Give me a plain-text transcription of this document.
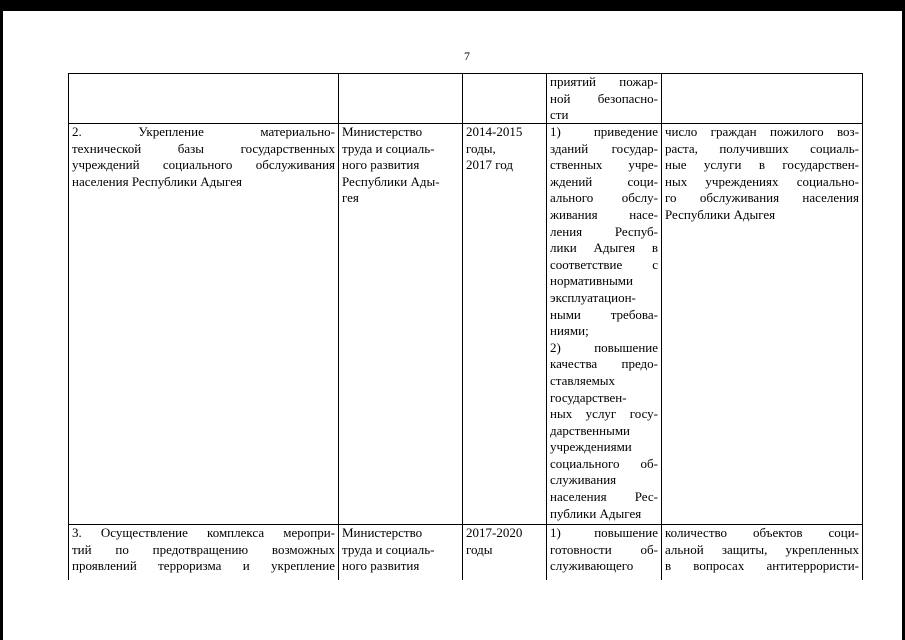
7
приятий пожар-
ной безопасно-
сти
2. Укрепление материально-
технической базы государственных
учреждений социального обслуживания
населения Республики Адыгея
Министерство
труда и социаль-
ного развития
Республики Ады-
гея
2014-2015
годы,
2017 год
1) приведение
зданий государ-
ственных учре-
ждений соци-
ального обслу-
живания насе-
ления Респуб-
лики Адыгея в
соответствие с
нормативными
эксплуатацион-
ными требова-
ниями;
2) повышение
качества предо-
ставляемых
государствен-
ных услуг госу-
дарственными
учреждениями
социального об-
служивания
населения Рес-
публики Адыгея
число граждан пожилого воз-
раста, получивших социаль-
ные услуги в государствен-
ных учреждениях социально-
го обслуживания населения
Республики Адыгея
3. Осуществление комплекса меропри-
тий по предотвращению возможных
проявлений терроризма и укрепление
Министерство
труда и социаль-
ного развития
2017-2020
годы
1) повышение
готовности об-
служивающего
количество объектов соци-
альной защиты, укрепленных
в вопросах антитеррористи-
